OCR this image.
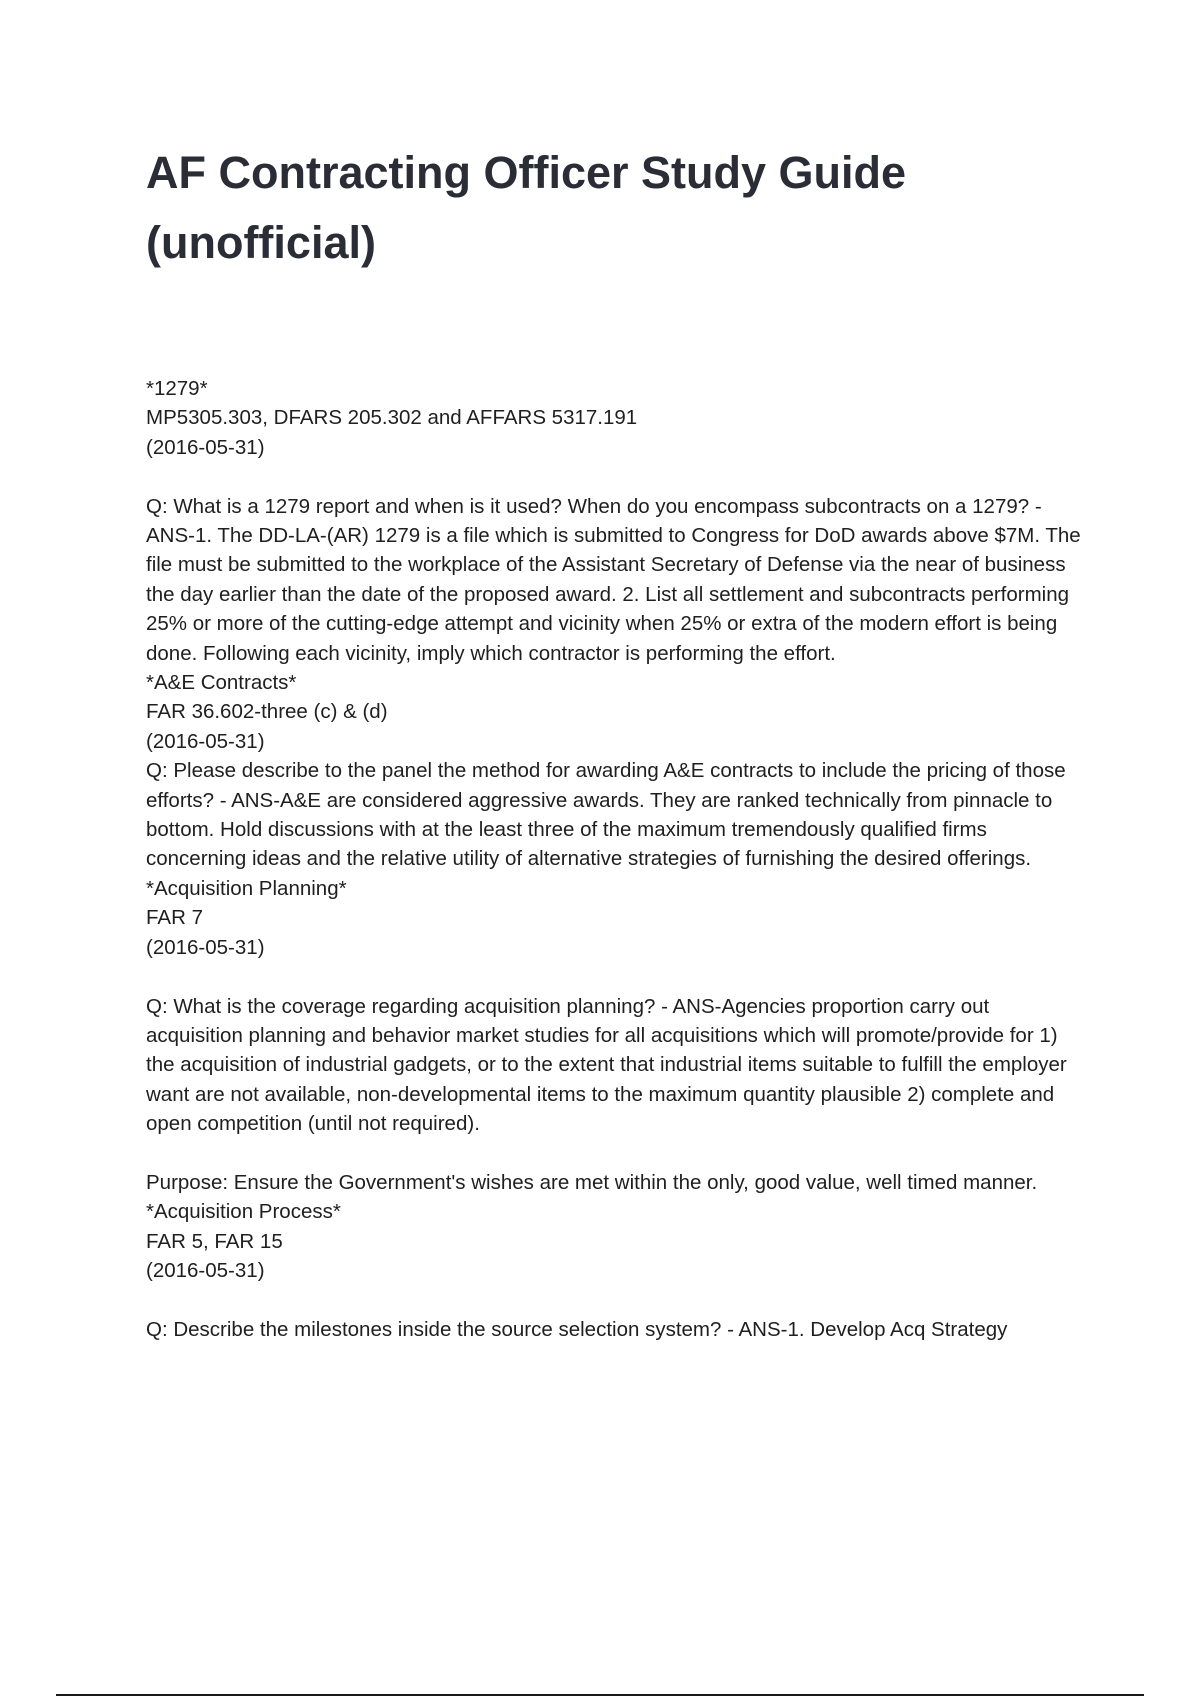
AF Contracting Officer Study Guide (unofficial)
*1279*
MP5305.303, DFARS 205.302 and AFFARS 5317.191
(2016-05-31)
Q: What is a 1279 report and when is it used? When do you encompass subcontracts on a 1279? - ANS-1. The DD-LA-(AR) 1279 is a file which is submitted to Congress for DoD awards above $7M. The file must be submitted to the workplace of the Assistant Secretary of Defense via the near of business the day earlier than the date of the proposed award. 2. List all settlement and subcontracts performing 25% or more of the cutting-edge attempt and vicinity when 25% or extra of the modern effort is being done. Following each vicinity, imply which contractor is performing the effort.
*A&E Contracts*
FAR 36.602-three (c) & (d)
(2016-05-31)
Q: Please describe to the panel the method for awarding A&E contracts to include the pricing of those efforts? - ANS-A&E are considered aggressive awards. They are ranked technically from pinnacle to bottom. Hold discussions with at the least three of the maximum tremendously qualified firms concerning ideas and the relative utility of alternative strategies of furnishing the desired offerings.
*Acquisition Planning*
FAR 7
(2016-05-31)
Q: What is the coverage regarding acquisition planning? - ANS-Agencies proportion carry out acquisition planning and behavior market studies for all acquisitions which will promote/provide for 1) the acquisition of industrial gadgets, or to the extent that industrial items suitable to fulfill the employer want are not available, non-developmental items to the maximum quantity plausible 2) complete and open competition (until not required).
Purpose: Ensure the Government's wishes are met within the only, good value, well timed manner.
*Acquisition Process*
FAR 5, FAR 15
(2016-05-31)
Q: Describe the milestones inside the source selection system? - ANS-1. Develop Acq Strategy
